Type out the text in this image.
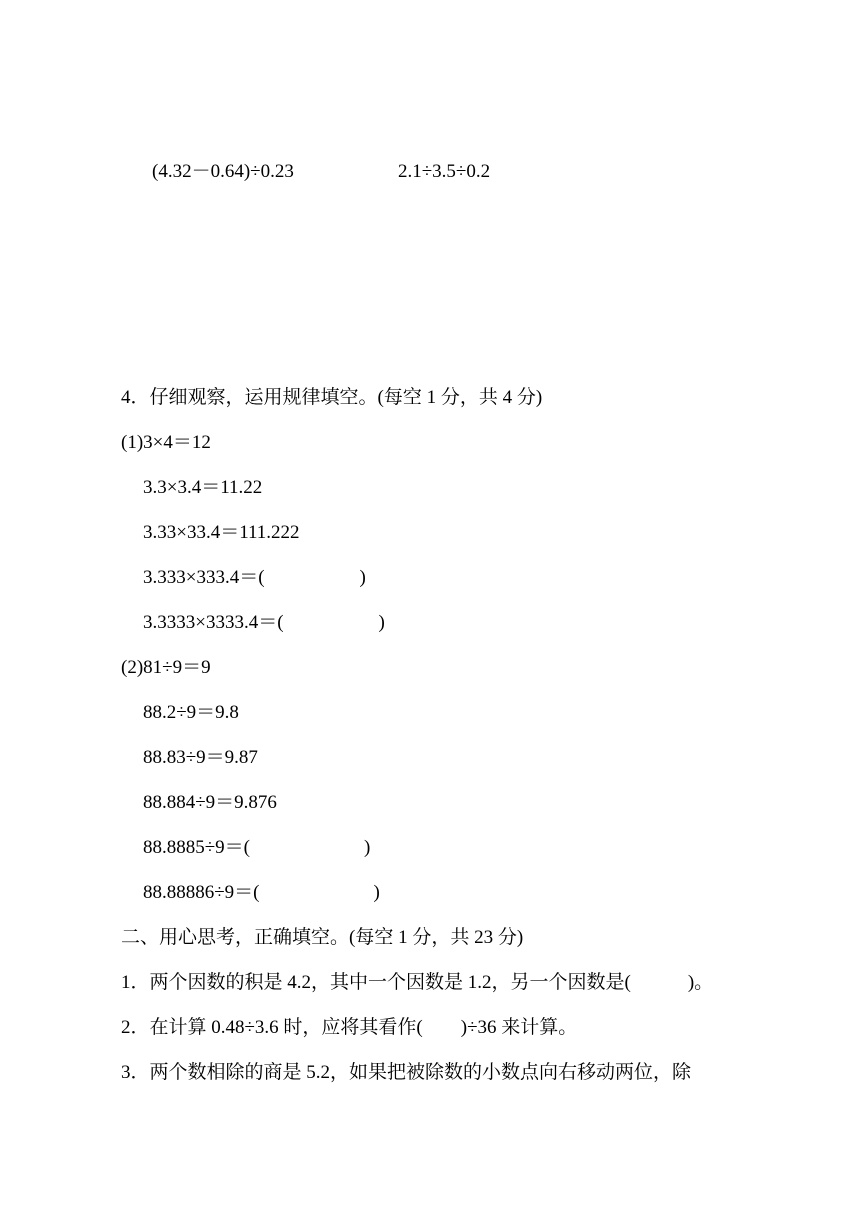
(4.32－0.64)÷0.23	2.1÷3.5÷0.2
4．仔细观察，运用规律填空。(每空 1 分，共 4 分)
(1)3×4＝12
3.3×3.4＝11.22
3.33×33.4＝111.222
3.333×333.4＝(                    )
3.3333×3333.4＝(                    )
(2)81÷9＝9
88.2÷9＝9.8
88.83÷9＝9.87
88.884÷9＝9.876
88.8885÷9＝(                        )
88.88886÷9＝(                        )
二、用心思考，正确填空。(每空 1 分，共 23 分)
1．两个因数的积是 4.2，其中一个因数是 1.2，另一个因数是(            )。
2．在计算 0.48÷3.6 时，应将其看作(        )÷36 来计算。
3．两个数相除的商是 5.2，如果把被除数的小数点向右移动两位，除
